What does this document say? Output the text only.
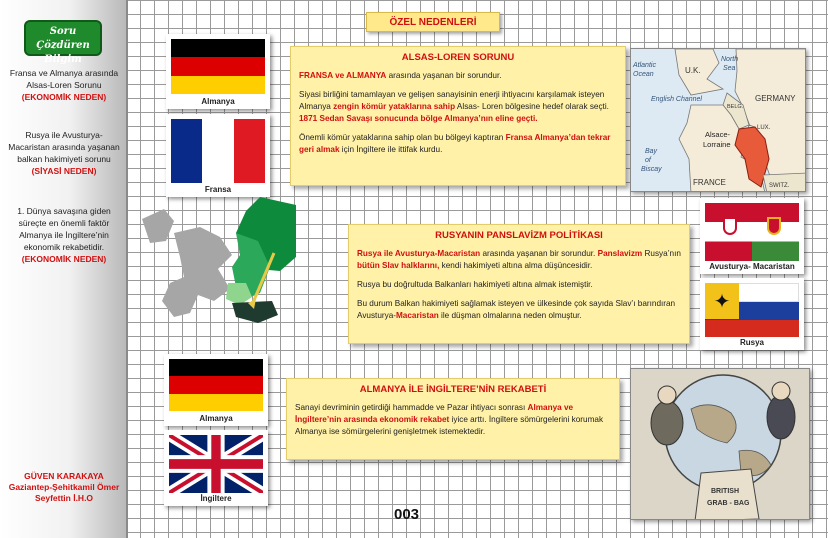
Soru Çözdüren
Bilgim
Fransa ve Almanya arasında Alsas-Loren Sorunu (EKONOMİK NEDEN)
Rusya ile Avusturya-Macaristan arasında yaşanan balkan hakimiyeti sorunu (SİYASİ NEDEN)
1. Dünya savaşına giden süreçte en önemli faktör Almanya ile İngiltere’nin ekonomik rekabetidir. (EKONOMİK NEDEN)
GÜVEN KARAKAYA Gaziantep-Şehitkamil Ömer Seyfettin İ.H.O
ÖZEL NEDENLERİ
Almanya
Fransa
ALSAS-LOREN SORUNU

FRANSA ve ALMANYA arasında yaşanan bir sorundur.

Siyasi birliğini tamamlayan ve gelişen sanayisinin enerji ihtiyacını karşılamak isteyen Almanya zengin kömür yataklarına sahip Alsas- Loren bölgesine hedef olarak seçti. 1871 Sedan Savaşı sonucunda bölge Almanya’nın eline geçti.

Önemli kömür yataklarına sahip olan bu bölgeyi kaptıran Fransa Almanya’dan tekrar geri almak için İngiltere ile ittifak kurdu.

Atlantic
Ocean	U.K.
North
Sea
English Channel	GERMANY
BELG.
LUX.
Alsace-
Lorraine
Bay
of
Biscay
FRANCE	SWITZ.
RUSYANIN PANSLAVİZM POLİTİKASI

Rusya ile Avusturya-Macaristan arasında yaşanan bir sorundur. Panslavizm Rusya’nın bütün Slav halklarını, kendi hakimiyeti altına alma düşüncesidir.

Rusya bu doğrultuda Balkanları hakimiyeti altına almak istemiştir.

Bu durum Balkan hakimiyeti sağlamak isteyen ve ülkesinde çok sayıda Slav’ı barındıran Avusturya-Macaristan ile düşman olmalarına neden olmuştur.

Avusturya- Macaristan
✦
Rusya
Almanya
İngiltere
ALMANYA İLE İNGİLTERE’NİN REKABETİ

Sanayi devriminin getirdiği hammadde ve Pazar ihtiyacı sonrası Almanya ve İngiltere’nin arasında ekonomik rekabet iyice arttı. İngiltere sömürgelerini korumak Almanya ise sömürgelerini genişletmek istemektedir.

BRITISH
GRAB - BAG
003
